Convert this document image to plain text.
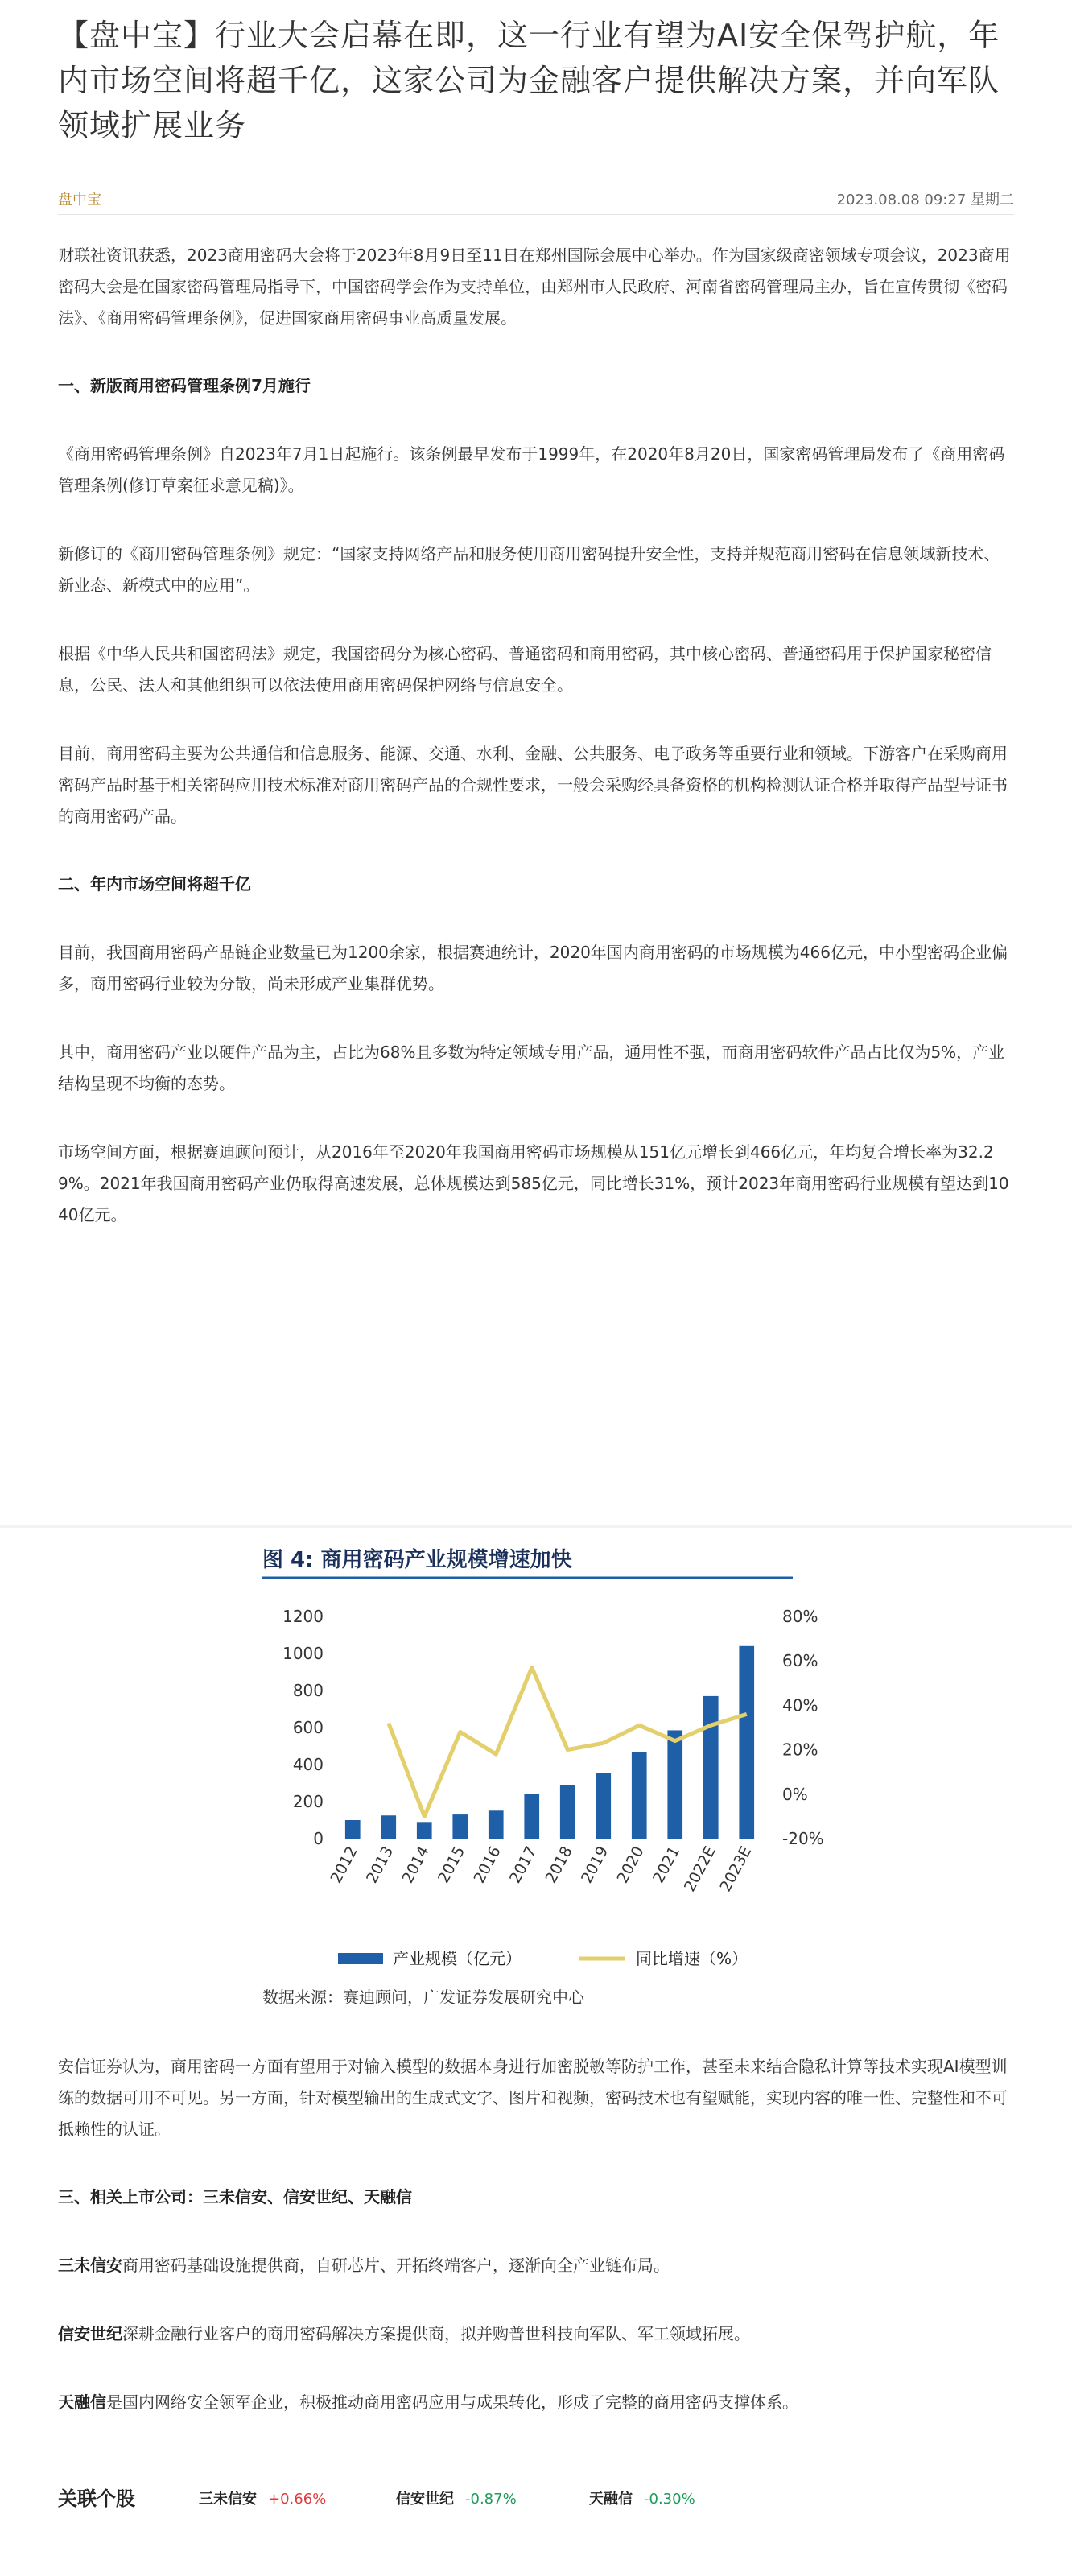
【盘中宝】行业大会启幕在即，这一行业有望为AI安全保驾护航，年内市场空间将超千亿，这家公司为金融客户提供解决方案，并向军队领域扩展业务
盘中宝	2023.08.08 09:27 星期二

财联社资讯获悉，2023商用密码大会将于2023年8月9日至11日在郑州国际会展中心举办。作为国家级商密领域专项会议，2023商用密码大会是在国家密码管理局指导下，中国密码学会作为支持单位，由郑州市人民政府、河南省密码管理局主办，旨在宣传贯彻《密码法》、《商用密码管理条例》，促进国家商用密码事业高质量发展。

一、新版商用密码管理条例7月施行

《商用密码管理条例》自2023年7月1日起施行。该条例最早发布于1999年，在2020年8月20日，国家密码管理局发布了《商用密码管理条例(修订草案征求意见稿)》。

新修订的《商用密码管理条例》规定：“国家支持网络产品和服务使用商用密码提升安全性，支持并规范商用密码在信息领域新技术、新业态、新模式中的应用”。

根据《中华人民共和国密码法》规定，我国密码分为核心密码、普通密码和商用密码，其中核心密码、普通密码用于保护国家秘密信息，公民、法人和其他组织可以依法使用商用密码保护网络与信息安全。

目前，商用密码主要为公共通信和信息服务、能源、交通、水利、金融、公共服务、电子政务等重要行业和领域。下游客户在采购商用密码产品时基于相关密码应用技术标准对商用密码产品的合规性要求，一般会采购经具备资格的机构检测认证合格并取得产品型号证书的商用密码产品。

二、年内市场空间将超千亿

目前，我国商用密码产品链企业数量已为1200余家，根据赛迪统计，2020年国内商用密码的市场规模为466亿元，中小型密码企业偏多，商用密码行业较为分散，尚未形成产业集群优势。

其中，商用密码产业以硬件产品为主，占比为68%且多数为特定领域专用产品，通用性不强，而商用密码软件产品占比仅为5%，产业结构呈现不均衡的态势。

市场空间方面，根据赛迪顾问预计，从2016年至2020年我国商用密码市场规模从151亿元增长到466亿元，年均复合增长率为32.29%。2021年我国商用密码产业仍取得高速发展，总体规模达到585亿元，同比增长31%，预计2023年商用密码行业规模有望达到1040亿元。

图 4: 商用密码产业规模增速加快
0
200
400
600
800
1000
1200
-20%
0%
20%
40%
60%
80%
2012 2013 2014 2015 2016 2017 2018 2019 2020 2021
2022E
2023E
产业规模（亿元）	同比增速（%）
数据来源：赛迪顾问，广发证券发展研究中心

安信证券认为，商用密码一方面有望用于对输入模型的数据本身进行加密脱敏等防护工作，甚至未来结合隐私计算等技术实现AI模型训练的数据可用不可见。另一方面，针对模型输出的生成式文字、图片和视频，密码技术也有望赋能，实现内容的唯一性、完整性和不可抵赖性的认证。

三、相关上市公司：三未信安、信安世纪、天融信

三未信安商用密码基础设施提供商，自研芯片、开拓终端客户，逐渐向全产业链布局。

信安世纪深耕金融行业客户的商用密码解决方案提供商，拟并购普世科技向军队、军工领域拓展。

天融信是国内网络安全领军企业，积极推动商用密码应用与成果转化，形成了完整的商用密码支撑体系。

关联个股	三未信安 +0.66%	信安世纪 -0.87%	天融信 -0.30%
